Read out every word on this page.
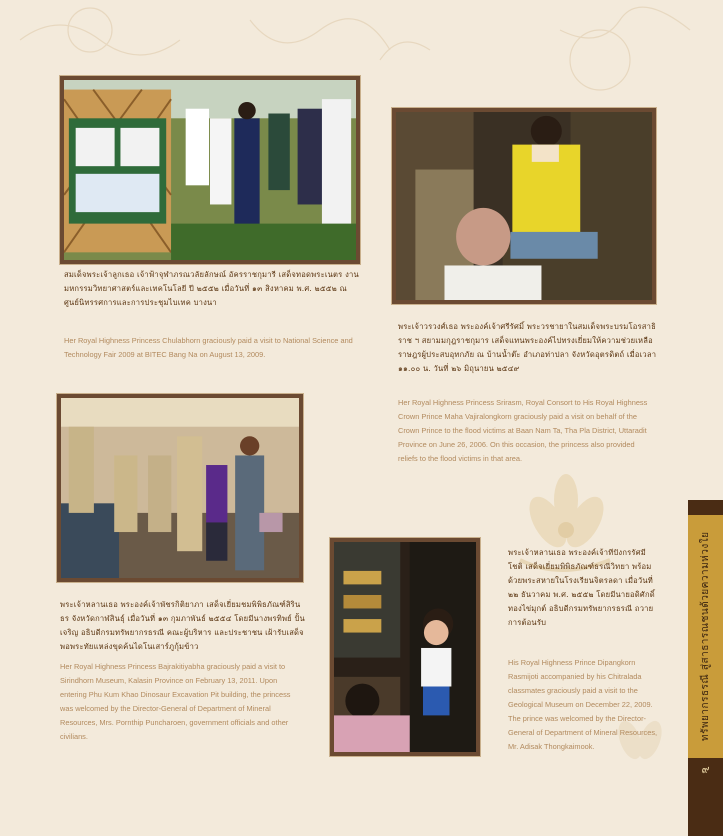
สมเด็จพระเจ้าลูกเธอ เจ้าฟ้าจุฬาภรณวลัยลักษณ์ อัครราชกุมารี เสด็จทอดพระเนตร งานมหกรรมวิทยาศาสตร์และเทคโนโลยี ปี ๒๕๕๒ เมื่อวันที่ ๑๓ สิงหาคม พ.ศ. ๒๕๕๒ ณ ศูนย์นิทรรศการและการประชุมไบเทค บางนา

Her Royal Highness Princess Chulabhorn graciously paid a visit to National Science and Technology Fair 2009 at BITEC Bang Na on August 13, 2009.

พระเจ้าวรวงศ์เธอ พระองค์เจ้าศรีรัศมิ์ พระวรชายาในสมเด็จพระบรมโอรสาธิราช ฯ สยามมกุฎราชกุมาร เสด็จแทนพระองค์ไปทรงเยี่ยมให้ความช่วยเหลือราษฎรผู้ประสบอุทกภัย ณ บ้านน้ำต๊ะ อำเภอท่าปลา จังหวัดอุตรดิตถ์ เมื่อเวลา ๑๑.๐๐ น. วันที่ ๒๖ มิถุนายน ๒๕๔๙

Her Royal Highness Princess Srirasm, Royal Consort to His Royal Highness Crown Prince Maha Vajiralongkorn graciously paid a visit on behalf of the Crown Prince to the flood victims at Baan Nam Ta, Tha Pla District, Uttaradit Province on June 26, 2006. On this occasion, the princess also provided reliefs to the flood victims in that area.

พระเจ้าหลานเธอ พระองค์เจ้าพัชรกิติยาภา เสด็จเยี่ยมชมพิพิธภัณฑ์สิรินธร จังหวัดกาฬสินธุ์ เมื่อวันที่ ๑๓ กุมภาพันธ์ ๒๕๕๔ โดยมีนางพรทิพย์ ปั้นเจริญ อธิบดีกรมทรัพยากรธรณี คณะผู้บริหาร และประชาชน เฝ้ารับเสด็จ พอพระทัยแหล่งขุดค้นไดโนเสาร์ภูกุ้มข้าว

Her Royal Highness Princess Bajrakitiyabha graciously paid a visit to Sirindhorn Museum, Kalasin Province on February 13, 2011. Upon entering Phu Kum Khao Dinosaur Excavation Pit building, the princess was welcomed by the Director-General of Department of Mineral Resources, Mrs. Pornthip Puncharoen, government officials and other civilians.

พระเจ้าหลานเธอ พระองค์เจ้าทีปังกรรัศมีโชติ เสด็จเยี่ยมพิพิธภัณฑ์ธรณีวิทยา พร้อมด้วยพระสหายในโรงเรียนจิตรลดา เมื่อวันที่ ๒๒ ธันวาคม พ.ศ. ๒๕๕๒ โดยมีนายอดิศักดิ์ ทองไข่มุกต์ อธิบดีกรมทรัพยากรธรณี ถวายการต้อนรับ

His Royal Highness Prince Dipangkorn Rasmijoti accompanied by his Chitralada classmates graciously paid a visit to the Geological Museum on December 22, 2009. The prince was welcomed by the Director-General of Department of Mineral Resources, Mr. Adisak Thongkaimook.

ทรัพยากรธรณี สู่สาธารณชนด้วยความห่วงใย
๙
